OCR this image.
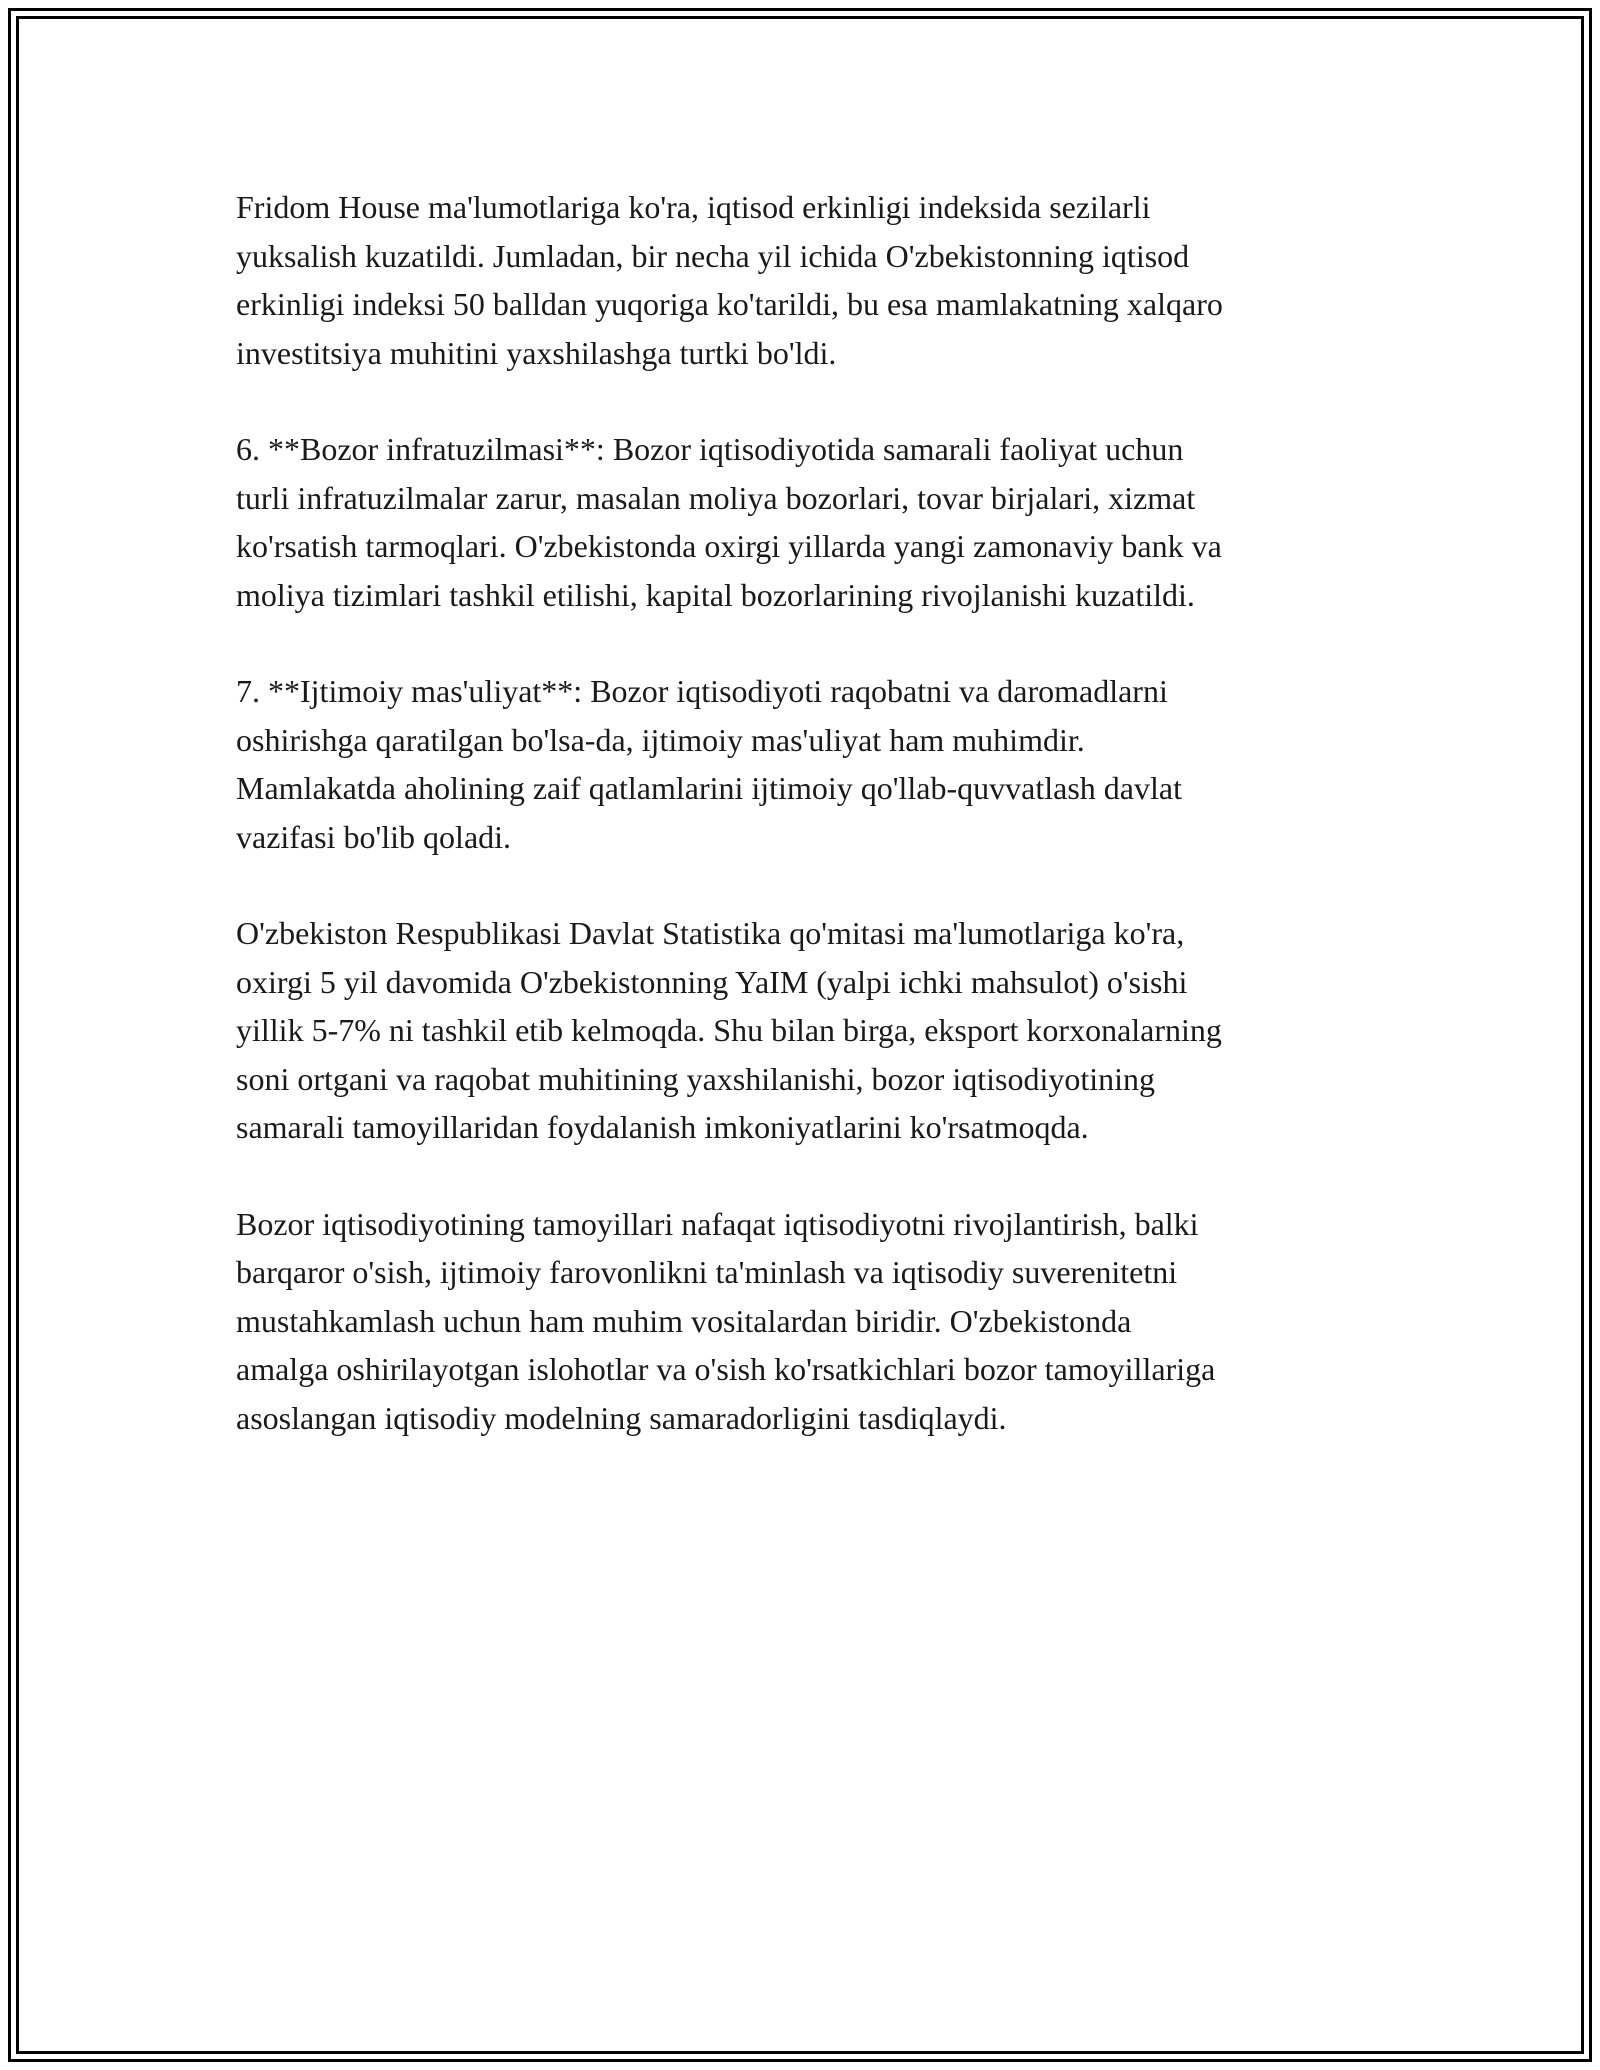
Fridom House ma'lumotlariga ko'ra, iqtisod erkinligi indeksida sezilarli
yuksalish kuzatildi. Jumladan, bir necha yil ichida O'zbekistonning iqtisod
erkinligi indeksi 50 balldan yuqoriga ko'tarildi, bu esa mamlakatning xalqaro
investitsiya muhitini yaxshilashga turtki bo'ldi.

6. **Bozor infratuzilmasi**: Bozor iqtisodiyotida samarali faoliyat uchun
turli infratuzilmalar zarur, masalan moliya bozorlari, tovar birjalari, xizmat
ko'rsatish tarmoqlari. O'zbekistonda oxirgi yillarda yangi zamonaviy bank va
moliya tizimlari tashkil etilishi, kapital bozorlarining rivojlanishi kuzatildi.

7. **Ijtimoiy mas'uliyat**: Bozor iqtisodiyoti raqobatni va daromadlarni
oshirishga qaratilgan bo'lsa-da, ijtimoiy mas'uliyat ham muhimdir.
Mamlakatda aholining zaif qatlamlarini ijtimoiy qo'llab-quvvatlash davlat
vazifasi bo'lib qoladi.

O'zbekiston Respublikasi Davlat Statistika qo'mitasi ma'lumotlariga ko'ra,
oxirgi 5 yil davomida O'zbekistonning YaIM (yalpi ichki mahsulot) o'sishi
yillik 5-7% ni tashkil etib kelmoqda. Shu bilan birga, eksport korxonalarning
soni ortgani va raqobat muhitining yaxshilanishi, bozor iqtisodiyotining
samarali tamoyillaridan foydalanish imkoniyatlarini ko'rsatmoqda.

Bozor iqtisodiyotining tamoyillari nafaqat iqtisodiyotni rivojlantirish, balki
barqaror o'sish, ijtimoiy farovonlikni ta'minlash va iqtisodiy suverenitetni
mustahkamlash uchun ham muhim vositalardan biridir. O'zbekistonda
amalga oshirilayotgan islohotlar va o'sish ko'rsatkichlari bozor tamoyillariga
asoslangan iqtisodiy modelning samaradorligini tasdiqlaydi.
